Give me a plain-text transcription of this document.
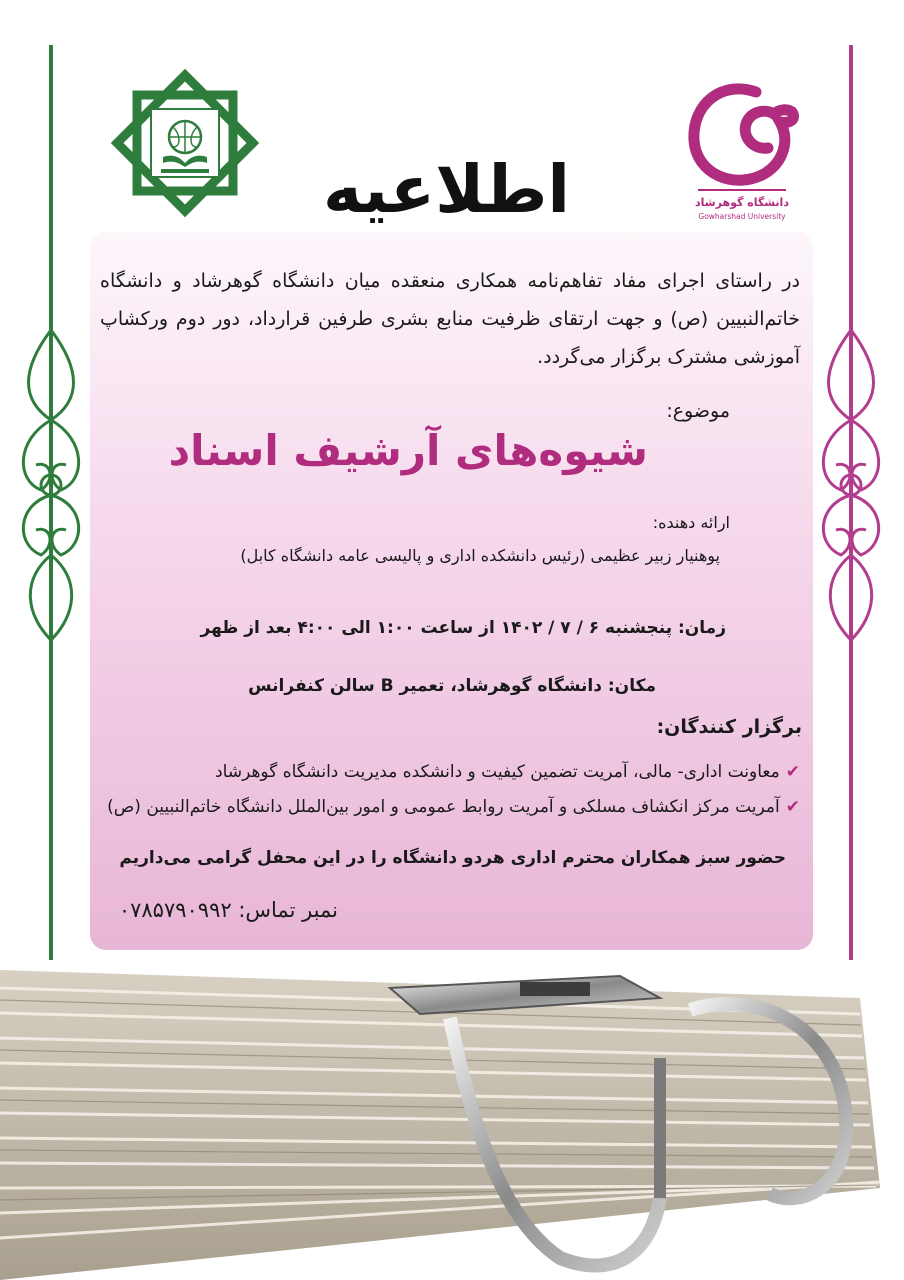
دانشگاه گوهرشاد
Gowharshad University
اطلاعیه
در راستای اجرای مفاد تفاهم‌نامه همکاری منعقده میان دانشگاه گوهرشاد و دانشگاه خاتم‌النبیین (ص) و جهت ارتقای ظرفیت منابع بشری طرفین قرارداد، دور دوم ورکشاپ آموزشی مشترک برگزار می‌گردد.
موضوع:
شیوه‌های آرشیف اسناد
ارائه دهنده:
پوهنیار زبیر عظیمی (رئیس دانشکده اداری و پالیسی عامه دانشگاه کابل)
زمان: پنجشنبه ۶ / ۷ / ۱۴۰۲ از ساعت ۱:۰۰ الی ۴:۰۰ بعد از ظهر
مکان: دانشگاه گوهرشاد، تعمیر B سالن کنفرانس
برگزار کنندگان:
✔معاونت اداری- مالی، آمریت تضمین کیفیت و دانشکده مدیریت دانشگاه گوهرشاد
✔آمریت مرکز انکشاف مسلکی و آمریت روابط عمومی و امور بین‌الملل دانشگاه خاتم‌النبیین (ص)
حضور سبز همکاران محترم اداری هردو دانشگاه را در این محفل گرامی می‌داریم
نمبر تماس: ۰۷۸۵۷۹۰۹۹۲
